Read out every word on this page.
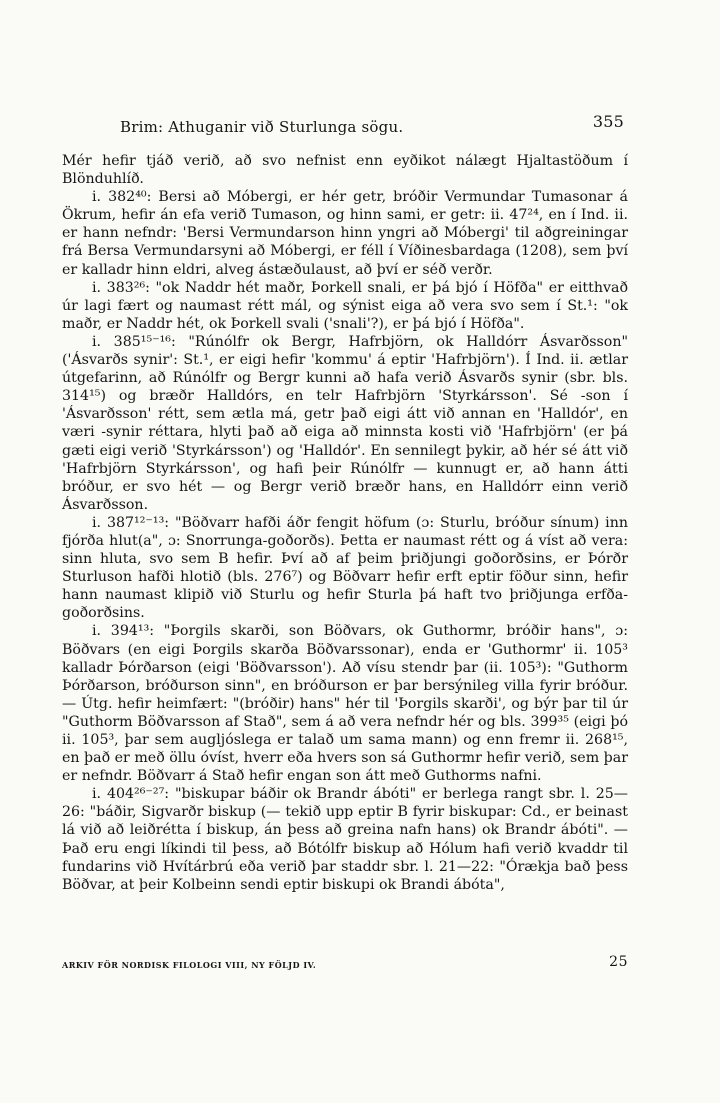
Brim: Athuganir við Sturlunga sögu.	355

Mér hefir tjáð verið, að svo nefnist enn eyðikot nálægt Hjaltastöðum í Blönduhlíð.

i. 382⁴⁰: Bersi að Móbergi, er hér getr, bróðir Vermundar Tumasonar á Ökrum, hefir án efa verið Tumason, og hinn sami, er getr: ii. 47²⁴, en í Ind. ii. er hann nefndr: 'Bersi Vermundarson hinn yngri að Móbergi' til aðgreiningar frá Bersa Vermundarsyni að Móbergi, er féll í Víðinesbardaga (1208), sem því er kalladr hinn eldri, alveg ástæðulaust, að því er séð verðr.

i. 383²⁶: "ok Naddr hét maðr, Þorkell snali, er þá bjó í Höfða" er eitthvað úr lagi fært og naumast rétt mál, og sýnist eiga að vera svo sem í St.¹: "ok maðr, er Naddr hét, ok Þorkell svali ('snali'?), er þá bjó í Höfða".

i. 385¹⁵⁻¹⁶: "Rúnólfr ok Bergr, Hafrbjörn, ok Halldórr Ásvarðsson" ('Ásvarðs synir': St.¹, er eigi hefir 'kommu' á eptir 'Hafrbjörn'). Í Ind. ii. ætlar útgefarinn, að Rúnólfr og Bergr kunni að hafa verið Ásvarðs synir (sbr. bls. 314¹⁵) og bræðr Halldórs, en telr Hafrbjörn 'Styrkársson'. Sé -son í 'Ásvarðsson' rétt, sem ætla má, getr það eigi átt við annan en 'Halldór', en væri -synir réttara, hlyti það að eiga að minnsta kosti við 'Hafrbjörn' (er þá gæti eigi verið 'Styrkársson') og 'Halldór'. En sennilegt þykir, að hér sé átt við 'Hafrbjörn Styrkársson', og hafi þeir Rúnólfr — kunnugt er, að hann átti bróður, er svo hét — og Bergr verið bræðr hans, en Halldórr einn verið Ásvarðsson.

i. 387¹²⁻¹³: "Böðvarr hafði áðr fengit höfum (ɔ: Sturlu, bróður sínum) inn fjórða hlut(a", ɔ: Snorrunga-goðorðs). Þetta er naumast rétt og á víst að vera: sinn hluta, svo sem B hefir. Því að af þeim þriðjungi goðorðsins, er Þórðr Sturluson hafði hlotið (bls. 276⁷) og Böðvarr hefir erft eptir föður sinn, hefir hann naumast klipið við Sturlu og hefir Sturla þá haft tvo þriðjunga erfða-goðorðsins.

i. 394¹³: "Þorgils skarði, son Böðvars, ok Guthormr, bróðir hans", ɔ: Böðvars (en eigi Þorgils skarða Böðvarssonar), enda er 'Guthormr' ii. 105³ kalladr Þórðarson (eigi 'Böðvarsson'). Að vísu stendr þar (ii. 105³): "Guthorm Þórðarson, bróðurson sinn", en bróðurson er þar bersýnileg villa fyrir bróður. — Útg. hefir heimfært: "(bróðir) hans" hér til 'Þorgils skarði', og býr þar til úr "Guthorm Böðvarsson af Stað", sem á að vera nefndr hér og bls. 399³⁵ (eigi þó ii. 105³, þar sem augljóslega er talað um sama mann) og enn fremr ii. 268¹⁵, en það er með öllu óvíst, hverr eða hvers son sá Guthormr hefir verið, sem þar er nefndr. Böðvarr á Stað hefir engan son átt með Guthorms nafni.

i. 404²⁶⁻²⁷: "biskupar báðir ok Brandr ábóti" er berlega rangt sbr. l. 25—26: "báðir, Sigvarðr biskup (— tekið upp eptir B fyrir biskupar: Cd., er beinast lá við að leiðrétta í biskup, án þess að greina nafn hans) ok Brandr ábóti". — Það eru engi líkindi til þess, að Bótólfr biskup að Hólum hafi verið kvaddr til fundarins við Hvítárbrú eða verið þar staddr sbr. l. 21—22: "Órækja bað þess Böðvar, at þeir Kolbeinn sendi eptir biskupi ok Brandi ábóta",

ARKIV FÖR NORDISK FILOLOGI VIII, NY FÖLJD IV.	25
